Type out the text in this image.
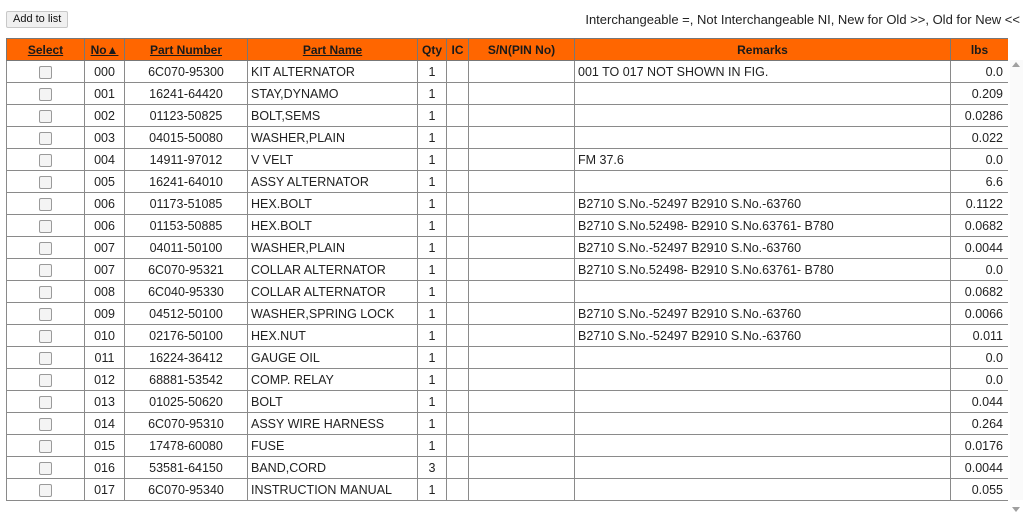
Add to list	Interchangeable =, Not Interchangeable NI, New for Old >>, Old for New <<
Select	No▲	Part Number	Part Name	Qty	IC	S/N(PIN No)	Remarks	lbs
	000	6C070-95300	KIT ALTERNATOR	1			001 TO 017 NOT SHOWN IN FIG.	0.0
	001	16241-64420	STAY,DYNAMO	1				0.209
	002	01123-50825	BOLT,SEMS	1				0.0286
	003	04015-50080	WASHER,PLAIN	1				0.022
	004	14911-97012	V VELT	1			FM 37.6	0.0
	005	16241-64010	ASSY ALTERNATOR	1				6.6
	006	01173-51085	HEX.BOLT	1			B2710 S.No.-52497 B2910 S.No.-63760	0.1122
	006	01153-50885	HEX.BOLT	1			B2710 S.No.52498- B2910 S.No.63761- B780	0.0682
	007	04011-50100	WASHER,PLAIN	1			B2710 S.No.-52497 B2910 S.No.-63760	0.0044
	007	6C070-95321	COLLAR ALTERNATOR	1			B2710 S.No.52498- B2910 S.No.63761- B780	0.0
	008	6C040-95330	COLLAR ALTERNATOR	1				0.0682
	009	04512-50100	WASHER,SPRING LOCK	1			B2710 S.No.-52497 B2910 S.No.-63760	0.0066
	010	02176-50100	HEX.NUT	1			B2710 S.No.-52497 B2910 S.No.-63760	0.011
	011	16224-36412	GAUGE OIL	1				0.0
	012	68881-53542	COMP. RELAY	1				0.0
	013	01025-50620	BOLT	1				0.044
	014	6C070-95310	ASSY WIRE HARNESS	1				0.264
	015	17478-60080	FUSE	1				0.0176
	016	53581-64150	BAND,CORD	3				0.0044
	017	6C070-95340	INSTRUCTION MANUAL	1				0.055
